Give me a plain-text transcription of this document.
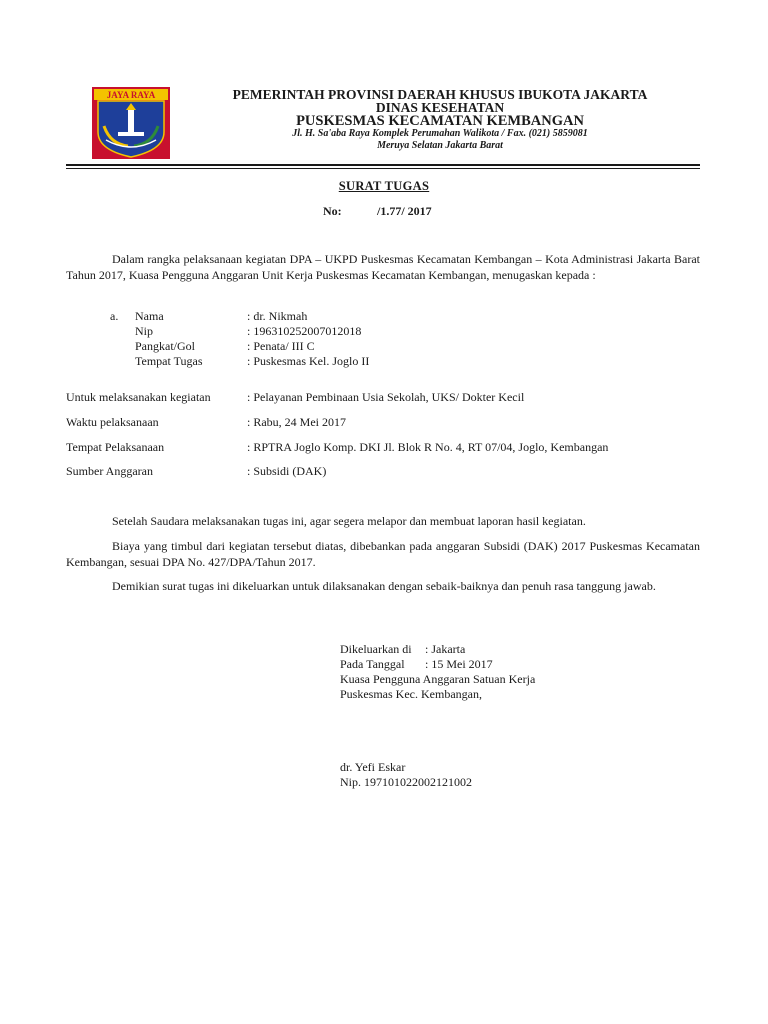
JAYA RAYA	PEMERINTAH PROVINSI DAERAH KHUSUS IBUKOTA JAKARTA
DINAS KESEHATAN
PUSKESMAS KECAMATAN KEMBANGAN
Jl. H. Sa'aba Raya Komplek Perumahan Walikota / Fax. (021) 5859081
Meruya Selatan Jakarta Barat
SURAT TUGAS
No:	/1.77/ 2017
Dalam rangka pelaksanaan kegiatan DPA – UKPD Puskesmas Kecamatan Kembangan – Kota Administrasi Jakarta Barat Tahun 2017, Kuasa Pengguna Anggaran Unit Kerja Puskesmas Kecamatan Kembangan, menugaskan kepada :
a. Nama	: dr. Nikmah
Nip	: 196310252007012018
Pangkat/Gol	: Penata/ III C
Tempat Tugas	: Puskesmas Kel. Joglo II
Untuk melaksanakan kegiatan	: Pelayanan Pembinaan Usia Sekolah, UKS/ Dokter Kecil
Waktu pelaksanaan	: Rabu, 24 Mei 2017
Tempat Pelaksanaan	: RPTRA Joglo Komp. DKI Jl. Blok R No. 4, RT 07/04, Joglo, Kembangan
Sumber Anggaran	: Subsidi (DAK)
Setelah Saudara melaksanakan tugas ini, agar segera melapor dan membuat laporan hasil kegiatan.
Biaya yang timbul dari kegiatan tersebut diatas, dibebankan pada anggaran Subsidi (DAK) 2017 Puskesmas Kecamatan Kembangan, sesuai DPA No. 427/DPA/Tahun 2017.
Demikian surat tugas ini dikeluarkan untuk dilaksanakan dengan sebaik-baiknya dan penuh rasa tanggung jawab.
Dikeluarkan di : Jakarta
Pada Tanggal : 15 Mei 2017
Kuasa Pengguna Anggaran Satuan Kerja
Puskesmas Kec. Kembangan,
dr. Yefi Eskar
Nip. 197101022002121002
